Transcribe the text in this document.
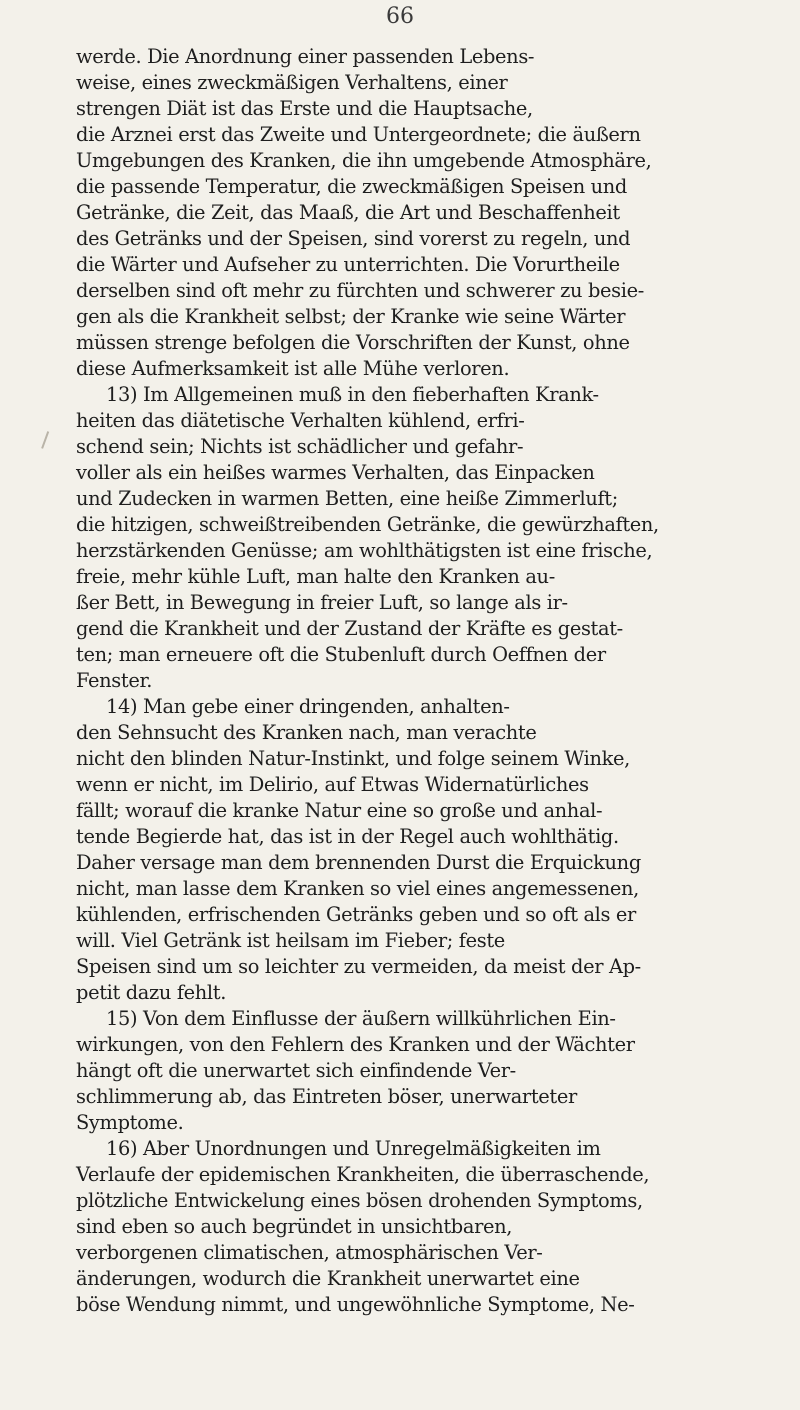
66

werde. Die Anordnung einer passenden Lebens-
weise, eines zweckmäßigen Verhaltens, einer
strengen Diät ist das Erste und die Hauptsache,
die Arznei erst das Zweite und Untergeordnete; die äußern
Umgebungen des Kranken, die ihn umgebende Atmosphäre,
die passende Temperatur, die zweckmäßigen Speisen und
Getränke, die Zeit, das Maaß, die Art und Beschaffenheit
des Getränks und der Speisen, sind vorerst zu regeln, und
die Wärter und Aufseher zu unterrichten. Die Vorurtheile
derselben sind oft mehr zu fürchten und schwerer zu besie-
gen als die Krankheit selbst; der Kranke wie seine Wärter
müssen strenge befolgen die Vorschriften der Kunst, ohne
diese Aufmerksamkeit ist alle Mühe verloren.
13) Im Allgemeinen muß in den fieberhaften Krank-
heiten das diätetische Verhalten kühlend, erfri-
schend sein; Nichts ist schädlicher und gefahr-
voller als ein heißes warmes Verhalten, das Einpacken
und Zudecken in warmen Betten, eine heiße Zimmerluft;
die hitzigen, schweißtreibenden Getränke, die gewürzhaften,
herzstärkenden Genüsse; am wohlthätigsten ist eine frische,
freie, mehr kühle Luft, man halte den Kranken au-
ßer Bett, in Bewegung in freier Luft, so lange als ir-
gend die Krankheit und der Zustand der Kräfte es gestat-
ten; man erneuere oft die Stubenluft durch Oeffnen der
Fenster.
14) Man gebe einer dringenden, anhalten-
den Sehnsucht des Kranken nach, man verachte
nicht den blinden Natur-Instinkt, und folge seinem Winke,
wenn er nicht, im Delirio, auf Etwas Widernatürliches
fällt; worauf die kranke Natur eine so große und anhal-
tende Begierde hat, das ist in der Regel auch wohlthätig.
Daher versage man dem brennenden Durst die Erquickung
nicht, man lasse dem Kranken so viel eines angemessenen,
kühlenden, erfrischenden Getränks geben und so oft als er
will. Viel Getränk ist heilsam im Fieber; feste
Speisen sind um so leichter zu vermeiden, da meist der Ap-
petit dazu fehlt.
15) Von dem Einflusse der äußern willkührlichen Ein-
wirkungen, von den Fehlern des Kranken und der Wächter
hängt oft die unerwartet sich einfindende Ver-
schlimmerung ab, das Eintreten böser, unerwarteter
Symptome.
16) Aber Unordnungen und Unregelmäßigkeiten im
Verlaufe der epidemischen Krankheiten, die überraschende,
plötzliche Entwickelung eines bösen drohenden Symptoms,
sind eben so auch begründet in unsichtbaren,
verborgenen climatischen, atmosphärischen Ver-
änderungen, wodurch die Krankheit unerwartet eine
böse Wendung nimmt, und ungewöhnliche Symptome, Ne-
